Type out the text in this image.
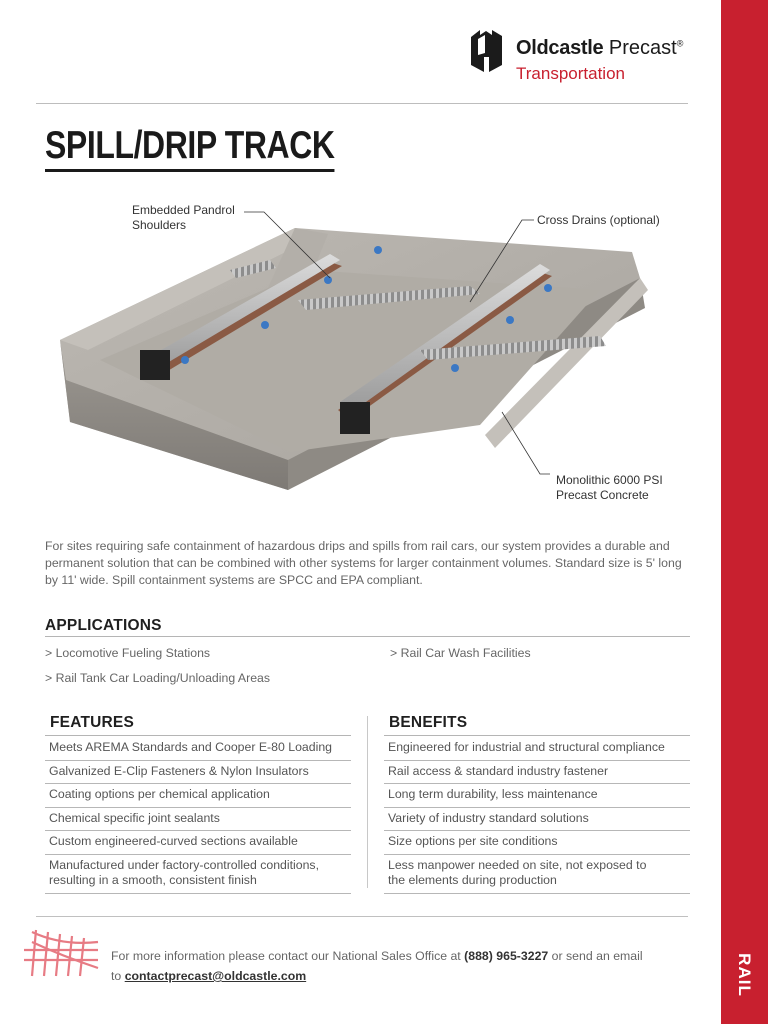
RAIL
Oldcastle Precast®
Transportation
SPILL/DRIP TRACK
Embedded Pandrol
Shoulders	Cross Drains (optional)
Monolithic 6000 PSI
Precast Concrete

For sites requiring safe containment of hazardous drips and spills from rail cars, our system provides a durable and permanent solution that can be combined with other systems for larger containment volumes. Standard size is 5' long by 11' wide. Spill containment systems are SPCC and EPA compliant.

APPLICATIONS
> Locomotive Fueling Stations	> Rail Car Wash Facilities
> Rail Tank Car Loading/Unloading Areas
FEATURES
Meets AREMA Standards and Cooper E-80 Loading
Galvanized E-Clip Fasteners & Nylon Insulators
Coating options per chemical application
Chemical specific joint sealants
Custom engineered-curved sections available
Manufactured under factory-controlled conditions,
resulting in a smooth, consistent finish
BENEFITS
Engineered for industrial and structural compliance
Rail access & standard industry fastener
Long term durability, less maintenance
Variety of industry standard solutions
Size options per site conditions
Less manpower needed on site, not exposed to
the elements during production

For more information please contact our National Sales Office at (888) 965-3227 or send an email
to contactprecast@oldcastle.com
